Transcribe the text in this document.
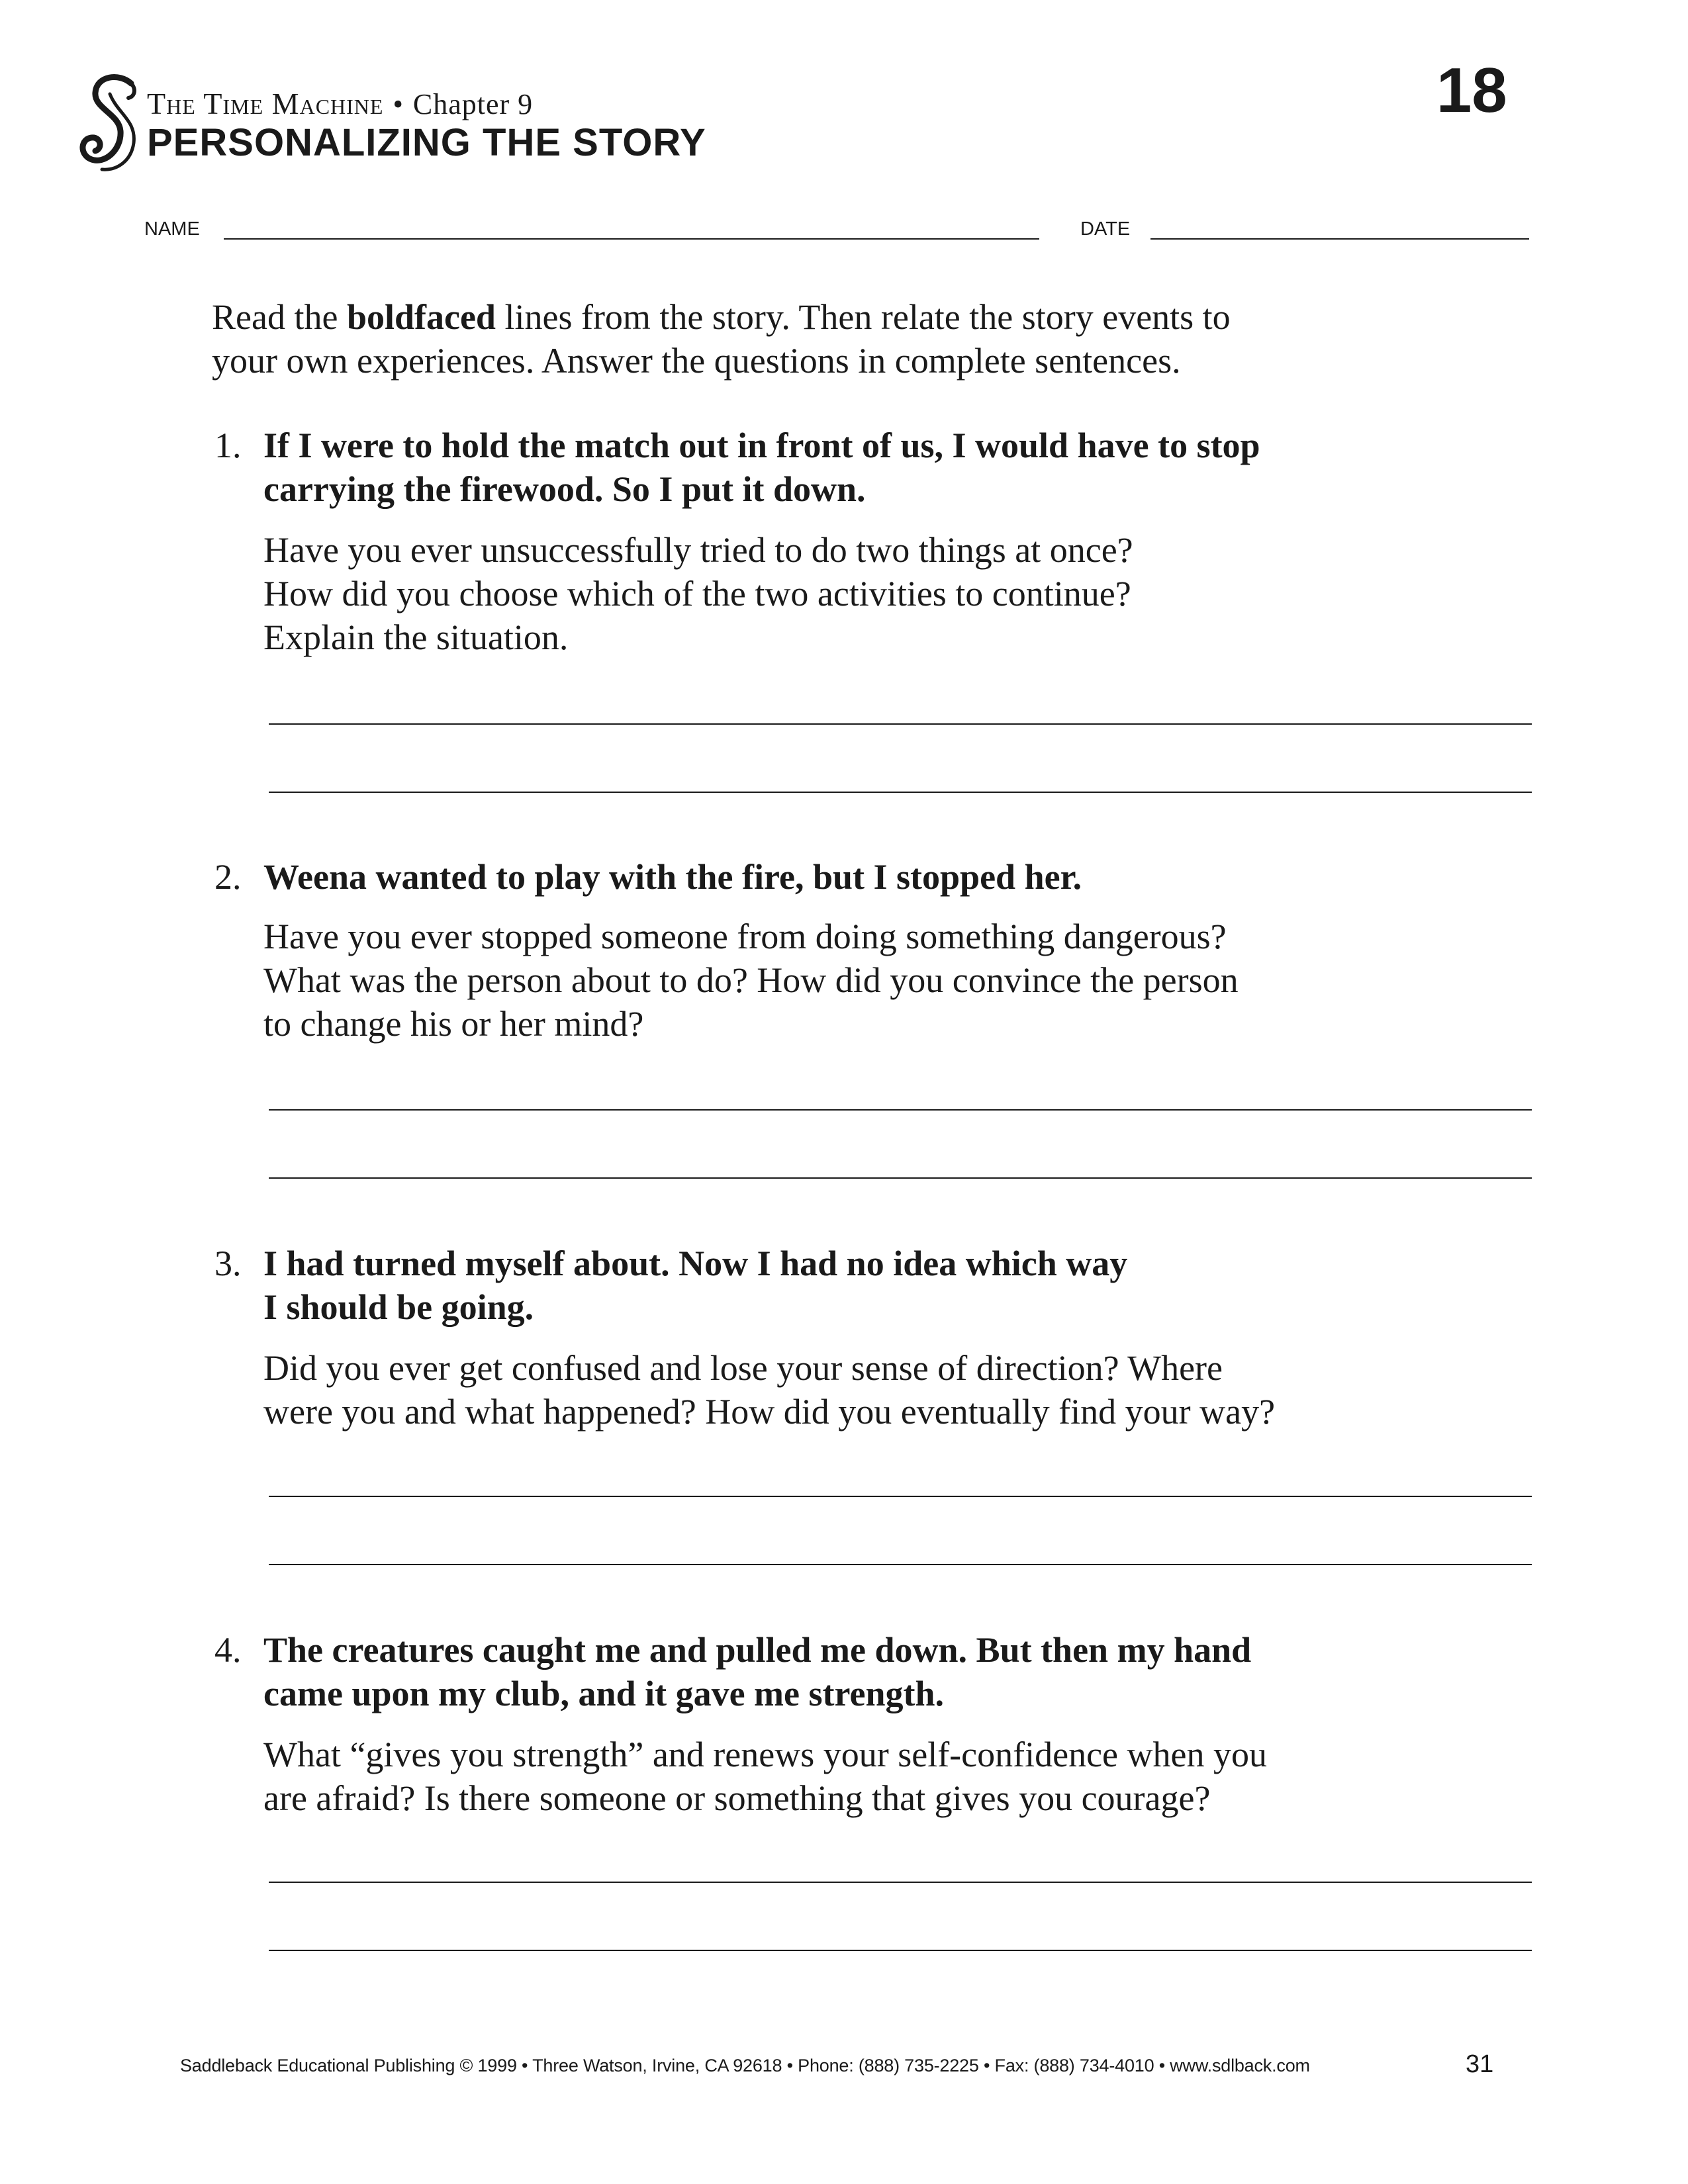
The Time Machine • Chapter 9
PERSONALIZING THE STORY
18
NAME	DATE
Read the boldfaced lines from the story. Then relate the story events to
your own experiences. Answer the questions in complete sentences.
1. If I were to hold the match out in front of us, I would have to stop
carrying the firewood. So I put it down.
Have you ever unsuccessfully tried to do two things at once?
How did you choose which of the two activities to continue?
Explain the situation.
2. Weena wanted to play with the fire, but I stopped her.
Have you ever stopped someone from doing something dangerous?
What was the person about to do? How did you convince the person
to change his or her mind?
3. I had turned myself about. Now I had no idea which way
I should be going.
Did you ever get confused and lose your sense of direction? Where
were you and what happened? How did you eventually find your way?
4. The creatures caught me and pulled me down. But then my hand
came upon my club, and it gave me strength.
What “gives you strength” and renews your self-confidence when you
are afraid? Is there someone or something that gives you courage?
Saddleback Educational Publishing © 1999 • Three Watson, Irvine, CA 92618 • Phone: (888) 735-2225 • Fax: (888) 734-4010 • www.sdlback.com	31
